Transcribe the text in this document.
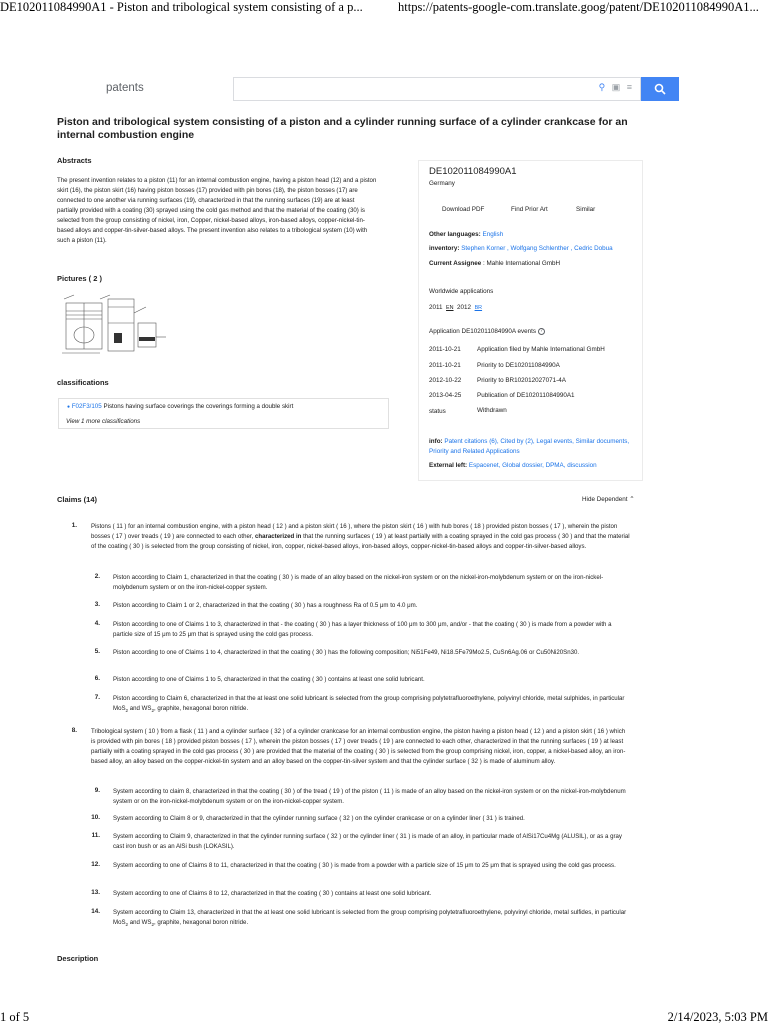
DE102011084990A1 - Piston and tribological system consisting of a p...	https://patents-google-com.translate.goog/patent/DE102011084990A1...
patents	⚲ ▣ ≡
Piston and tribological system consisting of a piston and a cylinder running surface of a cylinder crankcase for an internal combustion engine
Abstracts
The present invention relates to a piston (11) for an internal combustion engine, having a piston head (12) and a piston skirt (16), the piston skirt (16) having piston bosses (17) provided with pin bores (18), the piston bosses (17) are connected to one another via running surfaces (19), characterized in that the running surfaces (19) are at least partially provided with a coating (30) sprayed using the cold gas method and that the material of the coating (30) is selected from the group consisting of nickel, iron, Copper, nickel-based alloys, iron-based alloys, copper-nickel-tin-based alloys and copper-tin-silver-based alloys. The present invention also relates to a tribological system (10) with such a piston (11).
Pictures ( 2 )
classifications
● F02F3/105 Pistons having surface coverings the coverings forming a double skirt
View 1 more classifications
DE102011084990A1
Germany
Download PDF	Find Prior Art	Similar
Other languages: English
inventory: Stephen Korner , Wolfgang Schlenther , Cedric Dobua
Current Assignee : Mahle International GmbH
Worldwide applications
2011 EN 2012 BR
Application DE102011084990A events ?
2011-10-21	Application filed by Mahle International GmbH
2011-10-21	Priority to DE102011084990A
2012-10-22	Priority to BR102012027071-4A
2013-04-25	Publication of DE102011084990A1
status	Withdrawn
info: Patent citations (6), Cited by (2), Legal events, Similar documents, Priority and Related Applications
External left: Espacenet, Global dossier, DPMA, discussion
Claims (14)	Hide Dependent ⌃
1. Pistons ( 11 ) for an internal combustion engine, with a piston head ( 12 ) and a piston skirt ( 16 ), where the piston skirt ( 16 ) with hub bores ( 18 ) provided piston bosses ( 17 ), wherein the piston bosses ( 17 ) over treads ( 19 ) are connected to each other, characterized in that the running surfaces ( 19 ) at least partially with a coating sprayed in the cold gas process ( 30 ) and that the material of the coating ( 30 ) is selected from the group consisting of nickel, iron, copper, nickel-based alloys, iron-based alloys, copper-nickel-tin-based alloys and copper-tin-silver-based alloys.
2. Piston according to Claim 1, characterized in that the coating ( 30 ) is made of an alloy based on the nickel-iron system or on the nickel-iron-molybdenum system or on the iron-nickel-molybdenum system or on the iron-nickel-copper system.
3. Piston according to Claim 1 or 2, characterized in that the coating ( 30 ) has a roughness Ra of 0.5 μm to 4.0 μm.
4. Piston according to one of Claims 1 to 3, characterized in that - the coating ( 30 ) has a layer thickness of 100 μm to 300 μm, and/or - that the coating ( 30 ) is made from a powder with a particle size of 15 μm to 25 μm that is sprayed using the cold gas process.
5. Piston according to one of Claims 1 to 4, characterized in that the coating ( 30 ) has the following composition; Ni51Fe49, Ni18.5Fe79Mo2.5, CuSn6Ag.06 or Cu50Ni20Sn30.
6. Piston according to one of Claims 1 to 5, characterized in that the coating ( 30 ) contains at least one solid lubricant.
7. Piston according to Claim 6, characterized in that the at least one solid lubricant is selected from the group comprising polytetrafluoroethylene, polyvinyl chloride, metal sulphides, in particular MoS$_2$ and $WS_2$, graphite, hexagonal boron nitride.
8. Tribological system ( 10 ) from a flask ( 11 ) and a cylinder surface ( 32 ) of a cylinder crankcase for an internal combustion engine, the piston having a piston head ( 12 ) and a piston skirt ( 16 ) which is provided with pin bores ( 18 ) provided piston bosses ( 17 ), wherein the piston bosses ( 17 ) over treads ( 19 ) are connected to each other, characterized in that the running surfaces ( 19 ) at least partially with a coating sprayed in the cold gas process ( 30 ) are provided that the material of the coating ( 30 ) is selected from the group comprising nickel, iron, copper, a nickel-based alloy, an iron-based alloy, an alloy based on the copper-nickel-tin system and an alloy based on the copper-tin-silver system and that the cylinder surface ( 32 ) is made of aluminum alloy.
9. System according to claim 8, characterized in that the coating ( 30 ) of the tread ( 19 ) of the piston ( 11 ) is made of an alloy based on the nickel-iron system or on the nickel-iron-molybdenum system or on the iron-nickel-molybdenum system or on the iron-nickel-copper system.
10. System according to Claim 8 or 9, characterized in that the cylinder running surface ( 32 ) on the cylinder crankcase or on a cylinder liner ( 31 ) is trained.
11. System according to Claim 9, characterized in that the cylinder running surface ( 32 ) or the cylinder liner ( 31 ) is made of an alloy, in particular made of AlSi17Cu4Mg (ALUSIL), or as a gray cast iron bush or as an AlSi bush (LOKASIL).
12. System according to one of Claims 8 to 11, characterized in that the coating ( 30 ) is made from a powder with a particle size of 15 μm to 25 μm that is sprayed using the cold gas process.
13. System according to one of Claims 8 to 12, characterized in that the coating ( 30 ) contains at least one solid lubricant.
14. System according to Claim 13, characterized in that the at least one solid lubricant is selected from the group comprising polytetrafluoroethylene, polyvinyl chloride, metal sulfides, in particular MoS$_2$ and $WS_2$, graphite, hexagonal boron nitride.
Description
1 of 5	2/14/2023, 5:03 PM
